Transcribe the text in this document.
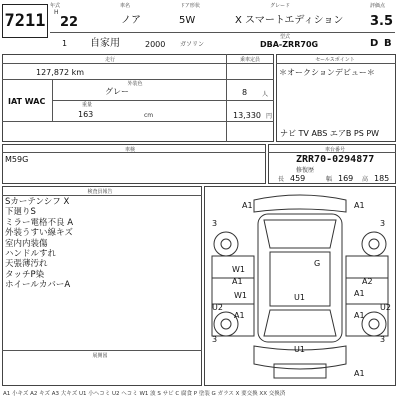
7211
年式	車名	ドア形状	グレード	評価点
H
22	ノア	5W	X スマートエディション 3.5
1 自家用	2000 ガソリン
型式
DBA-ZRR70G	D B
走行	乗車定員
127,872 km
IAT WAC
外装色
グレー	8 人
重量
163	cm	13,330 円
セールスポイント
＊オークションデビュー＊
ナビ TV ABS エアB PS PW
車検
M59G
車台番号
ZRR70-0294877
修復歴
長 459	幅 169 高 185
検査員報告
Sカーテンシフ X
下廻りS
ミラー電格不良 A
外装うすい線キズ
室内内装傷
ハンドルすれ
天張薄汚れ
タッチP染
ホイールカバーA
展開図
A1	A1
3	3
G
W1
A1	A2
A1
U1
U2	U2
W1
A1	A1
3	3
U1
A1
A1 小キズ A2 キズ A3 大キズ U1 小ヘコミ U2 ヘコミ W1 波 S サビ C 腐食 P 塗装 G ガラス X 要交換 XX 交換済
